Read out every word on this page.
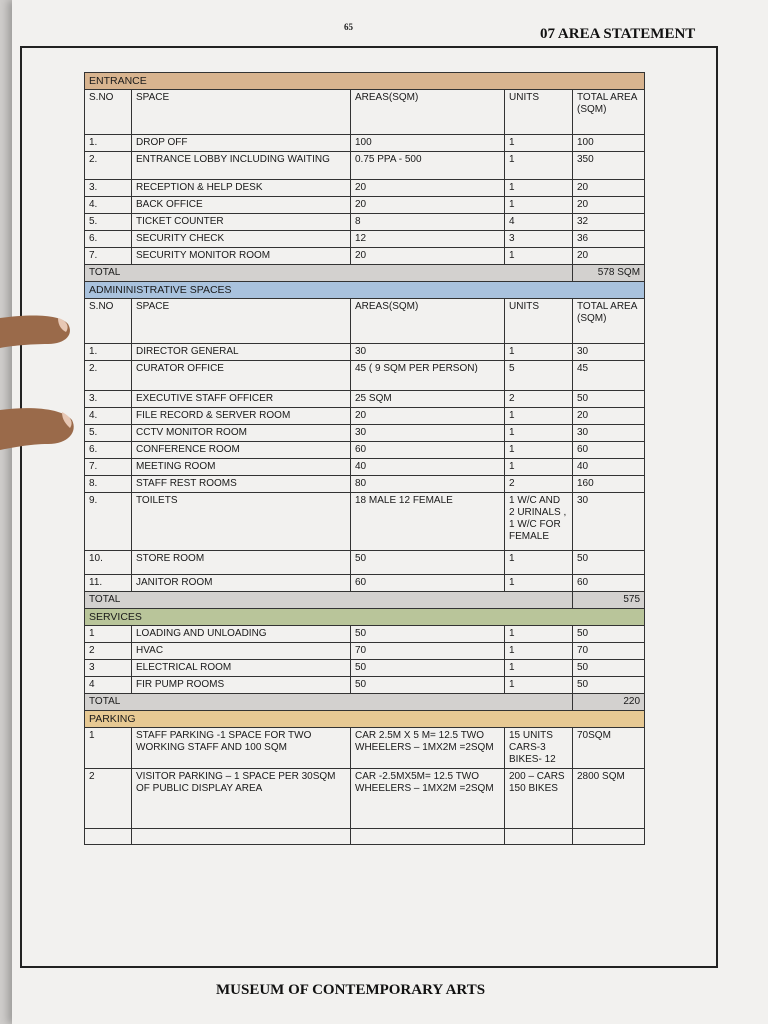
65	07 AREA STATEMENT
ENTRANCE				
S.NO	SPACE	AREAS(SQM)	UNITS	TOTAL AREA (SQM)
1.	DROP OFF	100	1	100
2.	ENTRANCE LOBBY INCLUDING WAITING	0.75 PPA - 500	1	350
3.	RECEPTION & HELP DESK	20	1	20
4.	BACK OFFICE	20	1	20
5.	TICKET COUNTER	8	4	32
6.	SECURITY CHECK	12	3	36
7.	SECURITY MONITOR ROOM	20	1	20
TOTAL				578 SQM
ADMININISTRATIVE SPACES				
S.NO	SPACE	AREAS(SQM)	UNITS	TOTAL AREA (SQM)
1.	DIRECTOR GENERAL	30	1	30
2.	CURATOR OFFICE	45 ( 9 SQM PER PERSON)	5	45
3.	EXECUTIVE STAFF OFFICER	25 SQM	2	50
4.	FILE RECORD & SERVER ROOM	20	1	20
5.	CCTV MONITOR ROOM	30	1	30
6.	CONFERENCE ROOM	60	1	60
7.	MEETING ROOM	40	1	40
8.	STAFF REST ROOMS	80	2	160
9.	TOILETS	18 MALE 12 FEMALE	1 W/C AND 2 URINALS , 1 W/C FOR FEMALE	30
10.	STORE ROOM	50	1	50
11.	JANITOR ROOM	60	1	60
TOTAL				575
SERVICES				
1	LOADING AND UNLOADING	50	1	50
2	HVAC	70	1	70
3	ELECTRICAL ROOM	50	1	50
4	FIR PUMP ROOMS	50	1	50
TOTAL				220
PARKING				
1	STAFF PARKING -1 SPACE FOR TWO WORKING STAFF AND 100 SQM	CAR 2.5M X 5 M= 12.5 TWO WHEELERS – 1MX2M =2SQM	15 UNITS CARS-3 BIKES- 12	70SQM
2	VISITOR PARKING – 1 SPACE PER 30SQM OF PUBLIC DISPLAY AREA	CAR -2.5MX5M= 12.5 TWO WHEELERS – 1MX2M =2SQM	200 – CARS 150 BIKES	2800 SQM

MUSEUM OF CONTEMPORARY ARTS
